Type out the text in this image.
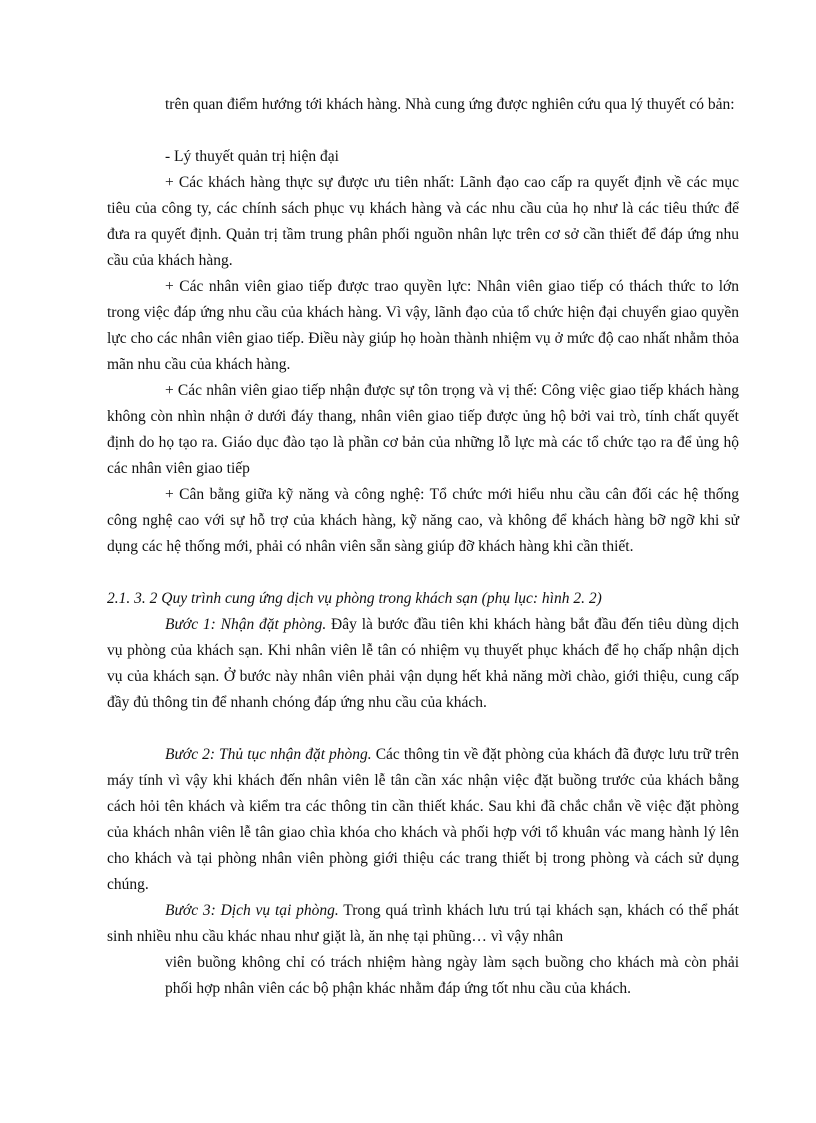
trên quan điểm hướng tới khách hàng. Nhà cung ứng được nghiên cứu qua lý thuyết có bản:

- Lý thuyết quản trị hiện đại

+ Các khách hàng thực sự được ưu tiên nhất: Lãnh đạo cao cấp ra quyết định về các mục tiêu của công ty, các chính sách phục vụ khách hàng và các nhu cầu của họ như là các tiêu thức để đưa ra quyết định. Quản trị tầm trung phân phối nguồn nhân lực trên cơ sở cần thiết để đáp ứng nhu cầu của khách hàng.

+ Các nhân viên giao tiếp được trao quyền lực: Nhân viên giao tiếp có thách thức to lớn trong việc đáp ứng nhu cầu của khách hàng. Vì vậy, lãnh đạo của tổ chức hiện đại chuyển giao quyền lực cho các nhân viên giao tiếp. Điều này giúp họ hoàn thành nhiệm vụ ở mức độ cao nhất nhằm thỏa mãn nhu cầu của khách hàng.

+ Các nhân viên giao tiếp nhận được sự tôn trọng và vị thế: Công việc giao tiếp khách hàng không còn nhìn nhận ở dưới đáy thang, nhân viên giao tiếp được ủng hộ bởi vai trò, tính chất quyết định do họ tạo ra. Giáo dục đào tạo là phần cơ bản của những lỗ lực mà các tổ chức tạo ra để ủng hộ các nhân viên giao tiếp

+ Cân bằng giữa kỹ năng và công nghệ: Tổ chức mới hiểu nhu cầu cân đối các hệ thống công nghệ cao với sự hỗ trợ của khách hàng, kỹ năng cao, và không để khách hàng bỡ ngỡ khi sử dụng các hệ thống mới, phải có nhân viên sẵn sàng giúp đỡ khách hàng khi cần thiết.

2.1. 3. 2 Quy trình cung ứng dịch vụ phòng trong khách sạn (phụ lục: hình 2. 2)

Bước 1: Nhận đặt phòng. Đây là bước đầu tiên khi khách hàng bắt đầu đến tiêu dùng dịch vụ phòng của khách sạn. Khi nhân viên lễ tân có nhiệm vụ thuyết phục khách để họ chấp nhận dịch vụ của khách sạn. Ở bước này nhân viên phải vận dụng hết khả năng mời chào, giới thiệu, cung cấp đầy đủ thông tin để nhanh chóng đáp ứng nhu cầu của khách.

Bước 2: Thủ tục nhận đặt phòng. Các thông tin về đặt phòng của khách đã được lưu trữ trên máy tính vì vậy khi khách đến nhân viên lễ tân cần xác nhận việc đặt buồng trước của khách bằng cách hỏi tên khách và kiểm tra các thông tin cần thiết khác. Sau khi đã chắc chắn về việc đặt phòng của khách nhân viên lễ tân giao chìa khóa cho khách và phối hợp với tổ khuân vác mang hành lý lên cho khách và tại phòng nhân viên phòng giới thiệu các trang thiết bị trong phòng và cách sử dụng chúng.

Bước 3: Dịch vụ tại phòng. Trong quá trình khách lưu trú tại khách sạn, khách có thể phát sinh nhiều nhu cầu khác nhau như giặt là, ăn nhẹ tại phũng… vì vậy nhân

viên buồng không chỉ có trách nhiệm hàng ngày làm sạch buồng cho khách mà còn phải phối hợp nhân viên các bộ phận khác nhằm đáp ứng tốt nhu cầu của khách.
